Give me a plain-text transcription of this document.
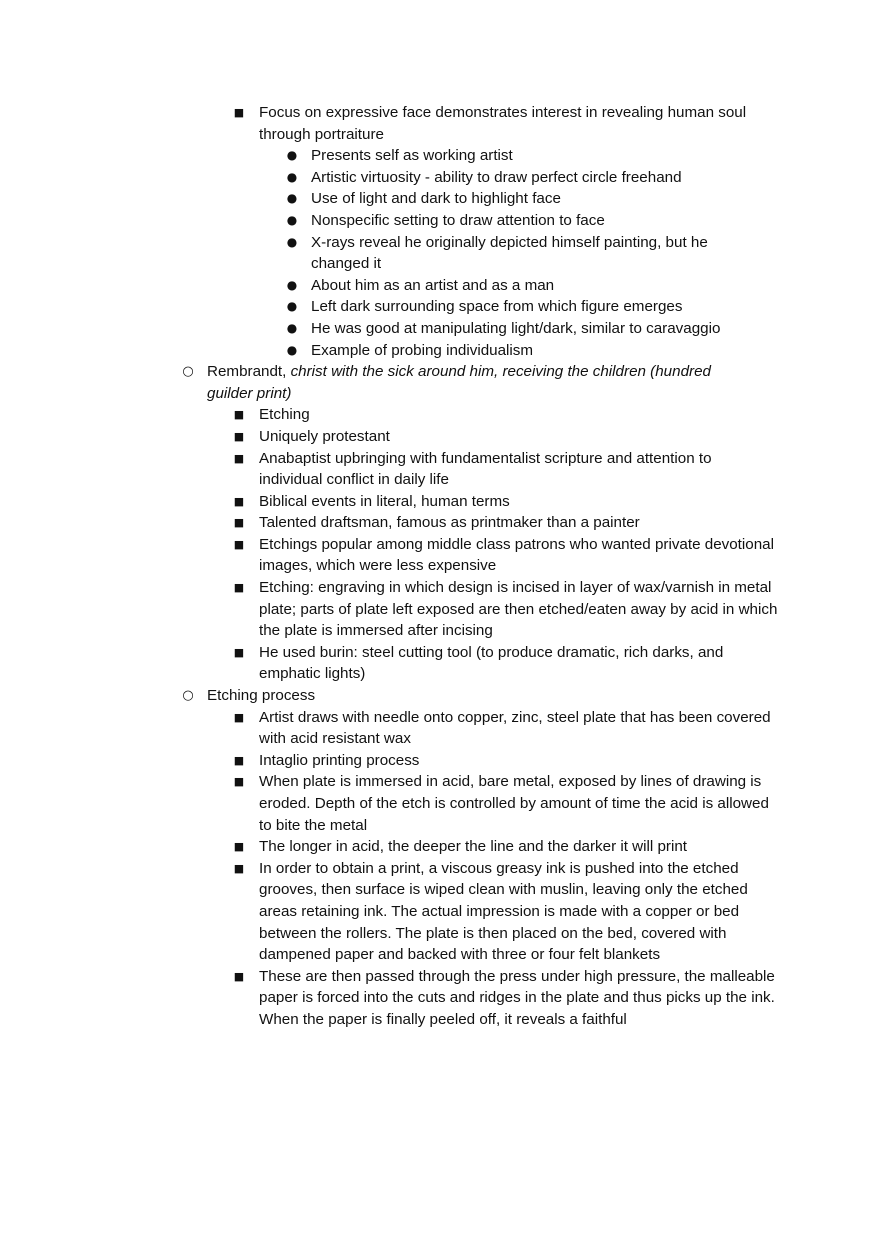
■ Focus on expressive face demonstrates interest in revealing human soul through portraiture
● Presents self as working artist
● Artistic virtuosity - ability to draw perfect circle freehand
● Use of light and dark to highlight face
● Nonspecific setting to draw attention to face
● X-rays reveal he originally depicted himself painting, but he changed it
● About him as an artist and as a man
● Left dark surrounding space from which figure emerges
● He was good at manipulating light/dark, similar to caravaggio
● Example of probing individualism
○ Rembrandt, christ with the sick around him, receiving the children (hundred guilder print)
■ Etching
■ Uniquely protestant
■ Anabaptist upbringing with fundamentalist scripture and attention to individual conflict in daily life
■ Biblical events in literal, human terms
■ Talented draftsman, famous as printmaker than a painter
■ Etchings popular among middle class patrons who wanted private devotional images, which were less expensive
■ Etching: engraving in which design is incised in layer of wax/varnish in metal plate; parts of plate left exposed are then etched/eaten away by acid in which the plate is immersed after incising
■ He used burin: steel cutting tool (to produce dramatic, rich darks, and emphatic lights)
○ Etching process
■ Artist draws with needle onto copper, zinc, steel plate that has been covered with acid resistant wax
■ Intaglio printing process
■ When plate is immersed in acid, bare metal, exposed by lines of drawing is eroded. Depth of the etch is controlled by amount of time the acid is allowed to bite the metal
■ The longer in acid, the deeper the line and the darker it will print
■ In order to obtain a print, a viscous greasy ink is pushed into the etched grooves, then surface is wiped clean with muslin, leaving only the etched areas retaining ink. The actual impression is made with a copper or bed between the rollers. The plate is then placed on the bed, covered with dampened paper and backed with three or four felt blankets
■ These are then passed through the press under high pressure, the malleable paper is forced into the cuts and ridges in the plate and thus picks up the ink. When the paper is finally peeled off, it reveals a faithful
